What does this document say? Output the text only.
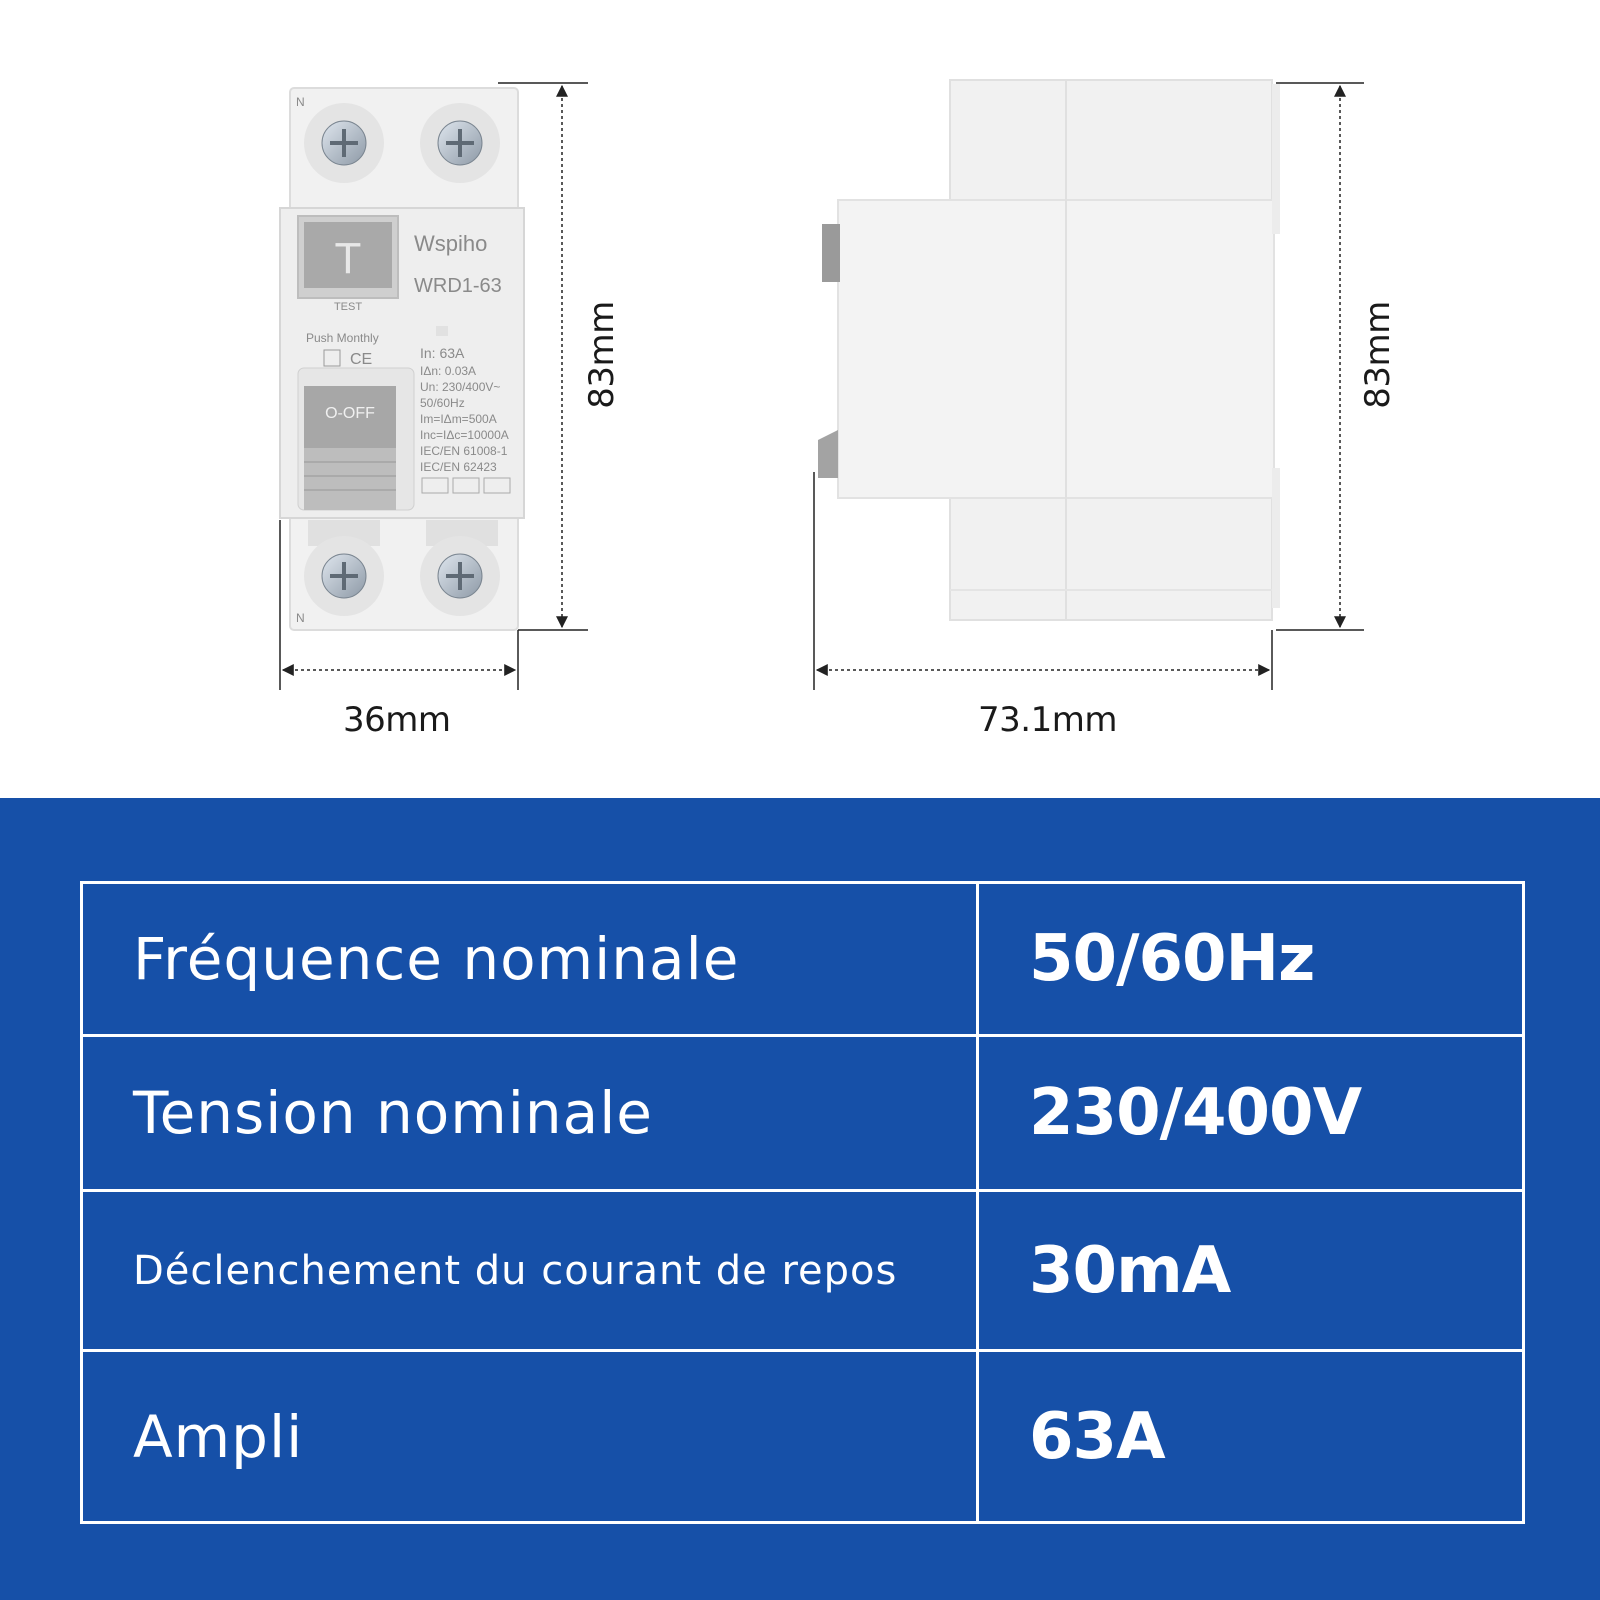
N
T
TEST
Wspiho
WRD1-63
Push Monthly
CE	In: 63A
IΔn: 0.03A
Un: 230/400V~
50/60Hz
Im=IΔm=500A
Inc=IΔc=10000A
IEC/EN 61008-1
IEC/EN 62423
O-OFF
N
36mm
83mm
73.1mm
83mm
Fréquence nominale	50/60Hz
Tension nominale	230/400V
Déclenchement du courant de repos	30mA
Ampli	63A
